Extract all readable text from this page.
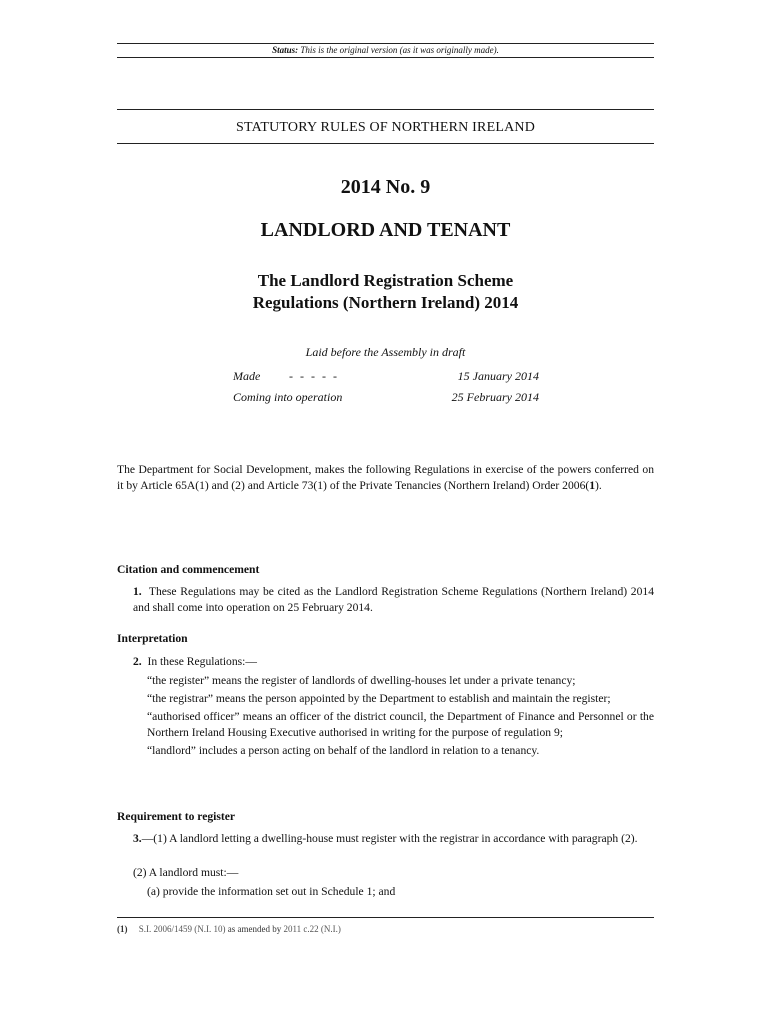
Status: This is the original version (as it was originally made).
STATUTORY RULES OF NORTHERN IRELAND
2014 No. 9
LANDLORD AND TENANT
The Landlord Registration Scheme
Regulations (Northern Ireland) 2014
Laid before the Assembly in draft
Made - - - - -	15 January 2014
Coming into operation	25 February 2014
The Department for Social Development, makes the following Regulations in exercise of the powers conferred on it by Article 65A(1) and (2) and Article 73(1) of the Private Tenancies (Northern Ireland) Order 2006(1).
Citation and commencement
1. These Regulations may be cited as the Landlord Registration Scheme Regulations (Northern Ireland) 2014 and shall come into operation on 25 February 2014.
Interpretation
2. In these Regulations:—

“the register” means the register of landlords of dwelling-houses let under a private tenancy;

“the registrar” means the person appointed by the Department to establish and maintain the register;

“authorised officer” means an officer of the district council, the Department of Finance and Personnel or the Northern Ireland Housing Executive authorised in writing for the purpose of regulation 9;

“landlord” includes a person acting on behalf of the landlord in relation to a tenancy.

Requirement to register
3.—(1) A landlord letting a dwelling-house must register with the registrar in accordance with paragraph (2).
(2) A landlord must:—
(a) provide the information set out in Schedule 1; and
(1) S.I. 2006/1459 (N.I. 10) as amended by 2011 c.22 (N.I.)
